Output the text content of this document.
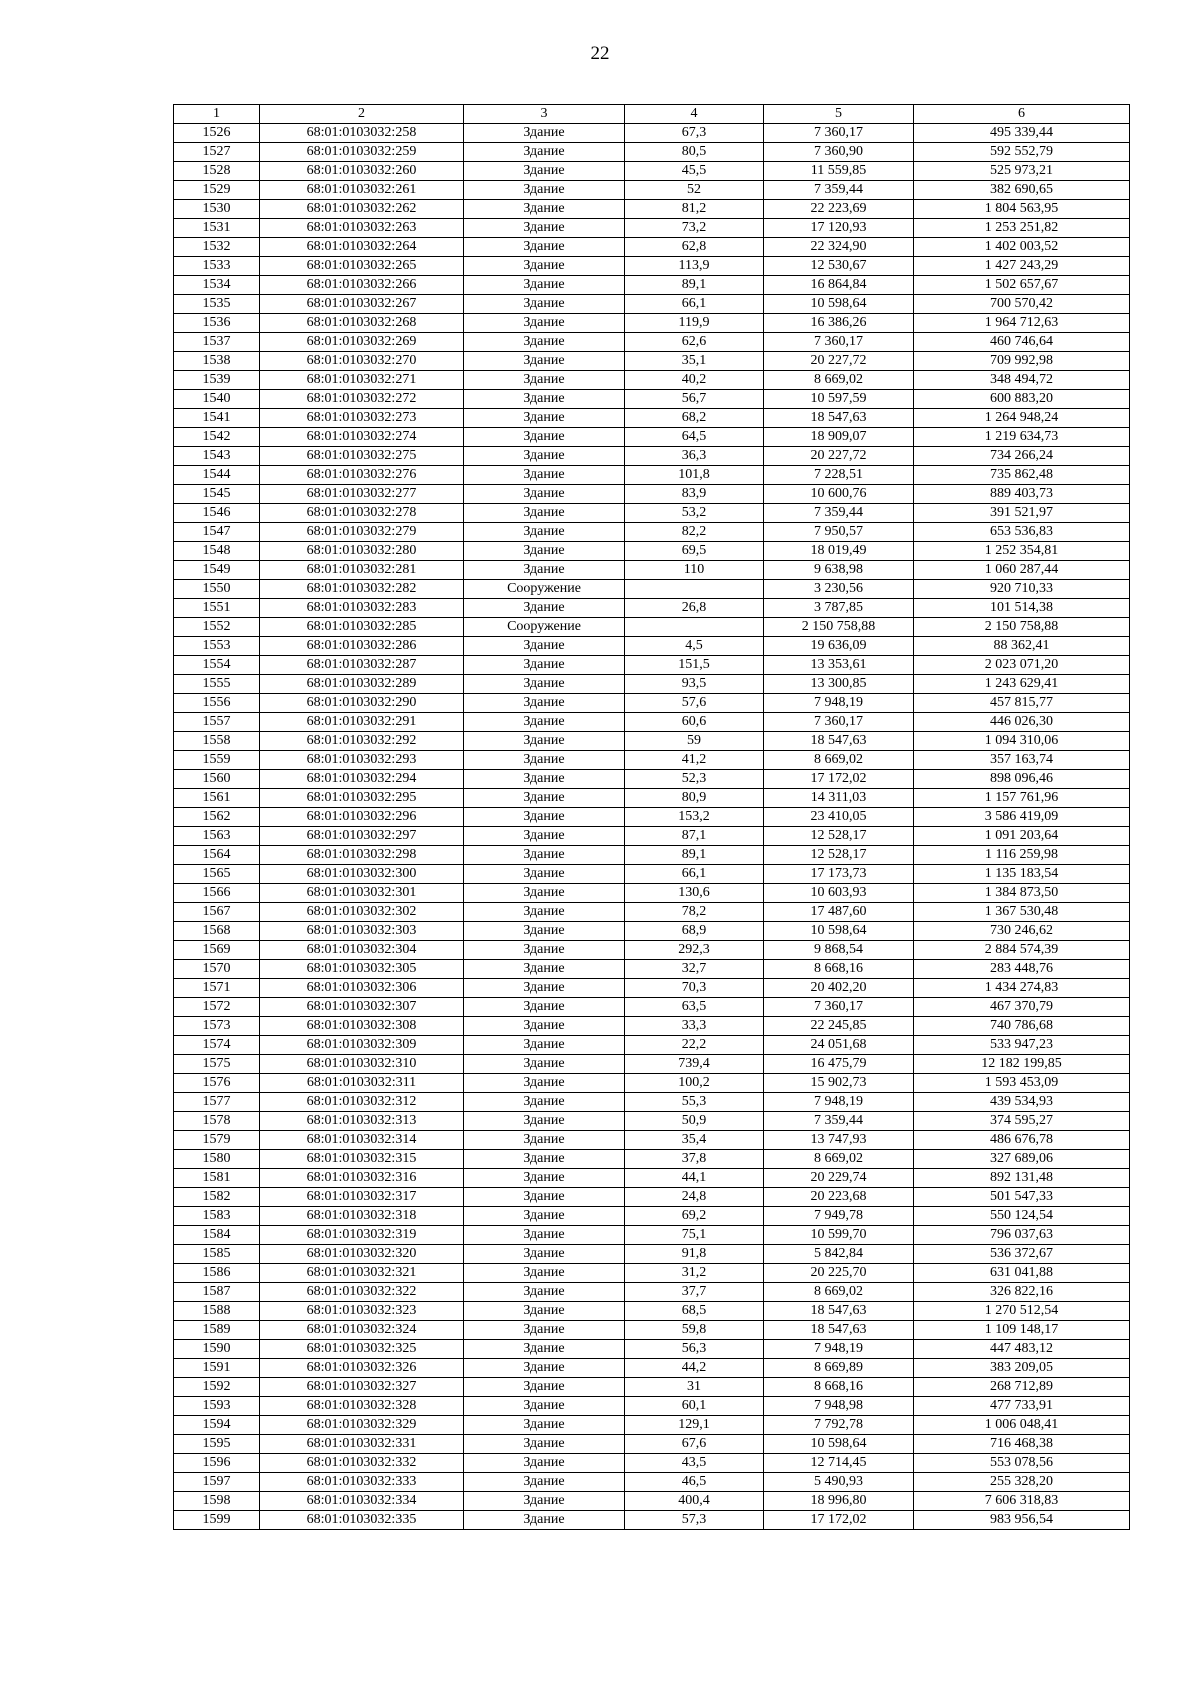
22
1	2	3	4	5	6
1526	68:01:0103032:258	Здание	67,3	7 360,17	495 339,44
1527	68:01:0103032:259	Здание	80,5	7 360,90	592 552,79
1528	68:01:0103032:260	Здание	45,5	11 559,85	525 973,21
1529	68:01:0103032:261	Здание	52	7 359,44	382 690,65
1530	68:01:0103032:262	Здание	81,2	22 223,69	1 804 563,95
1531	68:01:0103032:263	Здание	73,2	17 120,93	1 253 251,82
1532	68:01:0103032:264	Здание	62,8	22 324,90	1 402 003,52
1533	68:01:0103032:265	Здание	113,9	12 530,67	1 427 243,29
1534	68:01:0103032:266	Здание	89,1	16 864,84	1 502 657,67
1535	68:01:0103032:267	Здание	66,1	10 598,64	700 570,42
1536	68:01:0103032:268	Здание	119,9	16 386,26	1 964 712,63
1537	68:01:0103032:269	Здание	62,6	7 360,17	460 746,64
1538	68:01:0103032:270	Здание	35,1	20 227,72	709 992,98
1539	68:01:0103032:271	Здание	40,2	8 669,02	348 494,72
1540	68:01:0103032:272	Здание	56,7	10 597,59	600 883,20
1541	68:01:0103032:273	Здание	68,2	18 547,63	1 264 948,24
1542	68:01:0103032:274	Здание	64,5	18 909,07	1 219 634,73
1543	68:01:0103032:275	Здание	36,3	20 227,72	734 266,24
1544	68:01:0103032:276	Здание	101,8	7 228,51	735 862,48
1545	68:01:0103032:277	Здание	83,9	10 600,76	889 403,73
1546	68:01:0103032:278	Здание	53,2	7 359,44	391 521,97
1547	68:01:0103032:279	Здание	82,2	7 950,57	653 536,83
1548	68:01:0103032:280	Здание	69,5	18 019,49	1 252 354,81
1549	68:01:0103032:281	Здание	110	9 638,98	1 060 287,44
1550	68:01:0103032:282	Сооружение		3 230,56	920 710,33
1551	68:01:0103032:283	Здание	26,8	3 787,85	101 514,38
1552	68:01:0103032:285	Сооружение		2 150 758,88	2 150 758,88
1553	68:01:0103032:286	Здание	4,5	19 636,09	88 362,41
1554	68:01:0103032:287	Здание	151,5	13 353,61	2 023 071,20
1555	68:01:0103032:289	Здание	93,5	13 300,85	1 243 629,41
1556	68:01:0103032:290	Здание	57,6	7 948,19	457 815,77
1557	68:01:0103032:291	Здание	60,6	7 360,17	446 026,30
1558	68:01:0103032:292	Здание	59	18 547,63	1 094 310,06
1559	68:01:0103032:293	Здание	41,2	8 669,02	357 163,74
1560	68:01:0103032:294	Здание	52,3	17 172,02	898 096,46
1561	68:01:0103032:295	Здание	80,9	14 311,03	1 157 761,96
1562	68:01:0103032:296	Здание	153,2	23 410,05	3 586 419,09
1563	68:01:0103032:297	Здание	87,1	12 528,17	1 091 203,64
1564	68:01:0103032:298	Здание	89,1	12 528,17	1 116 259,98
1565	68:01:0103032:300	Здание	66,1	17 173,73	1 135 183,54
1566	68:01:0103032:301	Здание	130,6	10 603,93	1 384 873,50
1567	68:01:0103032:302	Здание	78,2	17 487,60	1 367 530,48
1568	68:01:0103032:303	Здание	68,9	10 598,64	730 246,62
1569	68:01:0103032:304	Здание	292,3	9 868,54	2 884 574,39
1570	68:01:0103032:305	Здание	32,7	8 668,16	283 448,76
1571	68:01:0103032:306	Здание	70,3	20 402,20	1 434 274,83
1572	68:01:0103032:307	Здание	63,5	7 360,17	467 370,79
1573	68:01:0103032:308	Здание	33,3	22 245,85	740 786,68
1574	68:01:0103032:309	Здание	22,2	24 051,68	533 947,23
1575	68:01:0103032:310	Здание	739,4	16 475,79	12 182 199,85
1576	68:01:0103032:311	Здание	100,2	15 902,73	1 593 453,09
1577	68:01:0103032:312	Здание	55,3	7 948,19	439 534,93
1578	68:01:0103032:313	Здание	50,9	7 359,44	374 595,27
1579	68:01:0103032:314	Здание	35,4	13 747,93	486 676,78
1580	68:01:0103032:315	Здание	37,8	8 669,02	327 689,06
1581	68:01:0103032:316	Здание	44,1	20 229,74	892 131,48
1582	68:01:0103032:317	Здание	24,8	20 223,68	501 547,33
1583	68:01:0103032:318	Здание	69,2	7 949,78	550 124,54
1584	68:01:0103032:319	Здание	75,1	10 599,70	796 037,63
1585	68:01:0103032:320	Здание	91,8	5 842,84	536 372,67
1586	68:01:0103032:321	Здание	31,2	20 225,70	631 041,88
1587	68:01:0103032:322	Здание	37,7	8 669,02	326 822,16
1588	68:01:0103032:323	Здание	68,5	18 547,63	1 270 512,54
1589	68:01:0103032:324	Здание	59,8	18 547,63	1 109 148,17
1590	68:01:0103032:325	Здание	56,3	7 948,19	447 483,12
1591	68:01:0103032:326	Здание	44,2	8 669,89	383 209,05
1592	68:01:0103032:327	Здание	31	8 668,16	268 712,89
1593	68:01:0103032:328	Здание	60,1	7 948,98	477 733,91
1594	68:01:0103032:329	Здание	129,1	7 792,78	1 006 048,41
1595	68:01:0103032:331	Здание	67,6	10 598,64	716 468,38
1596	68:01:0103032:332	Здание	43,5	12 714,45	553 078,56
1597	68:01:0103032:333	Здание	46,5	5 490,93	255 328,20
1598	68:01:0103032:334	Здание	400,4	18 996,80	7 606 318,83
1599	68:01:0103032:335	Здание	57,3	17 172,02	983 956,54
